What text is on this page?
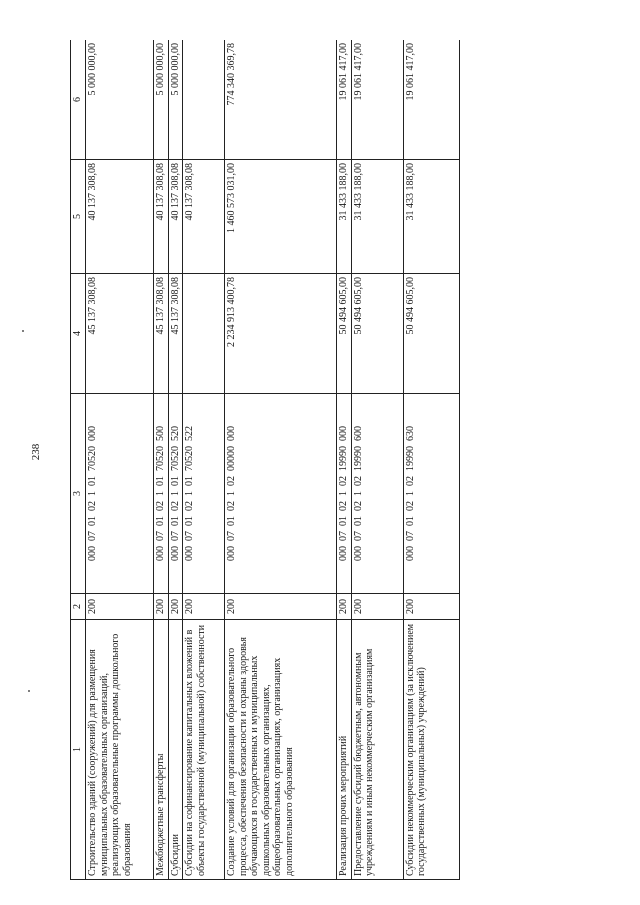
238
1	2	3	4	5	6
Строительство зданий (сооружений) для размещения муниципальных образовательных организаций, реализующих образовательные программы дошкольного образования	200	000  07  01  02  1  01  70520  000	45 137 308,08	40 137 308,08	5 000 000,00
Межбюджетные трансферты	200	000  07  01  02  1  01  70520  500	45 137 308,08	40 137 308,08	5 000 000,00
Субсидии	200	000  07  01  02  1  01  70520  520	45 137 308,08	40 137 308,08	5 000 000,00
Субсидии на софинансирование капитальных вложений в объекты государственной (муниципальной) собственности	200	000  07  01  02  1  01  70520  522		40 137 308,08	
Создание условий для организации образовательного процесса, обеспечения безопасности и охраны здоровья обучающихся в государственных и муниципальных дошкольных образовательных организациях, общеобразовательных организациях, организациях дополнительного образования	200	000  07  01  02  1  02  00000  000	2 234 913 400,78	1 460 573 031,00	774 340 369,78
Реализация прочих мероприятий	200	000  07  01  02  1  02  19990  000	50 494 605,00	31 433 188,00	19 061 417,00
Предоставление субсидий бюджетным, автономным учреждениям и иным некоммерческим организациям	200	000  07  01  02  1  02  19990  600	50 494 605,00	31 433 188,00	19 061 417,00
Субсидии некоммерческим организациям (за исключением государственных (муниципальных) учреждений)	200	000  07  01  02  1  02  19990  630	50 494 605,00	31 433 188,00	19 061 417,00
